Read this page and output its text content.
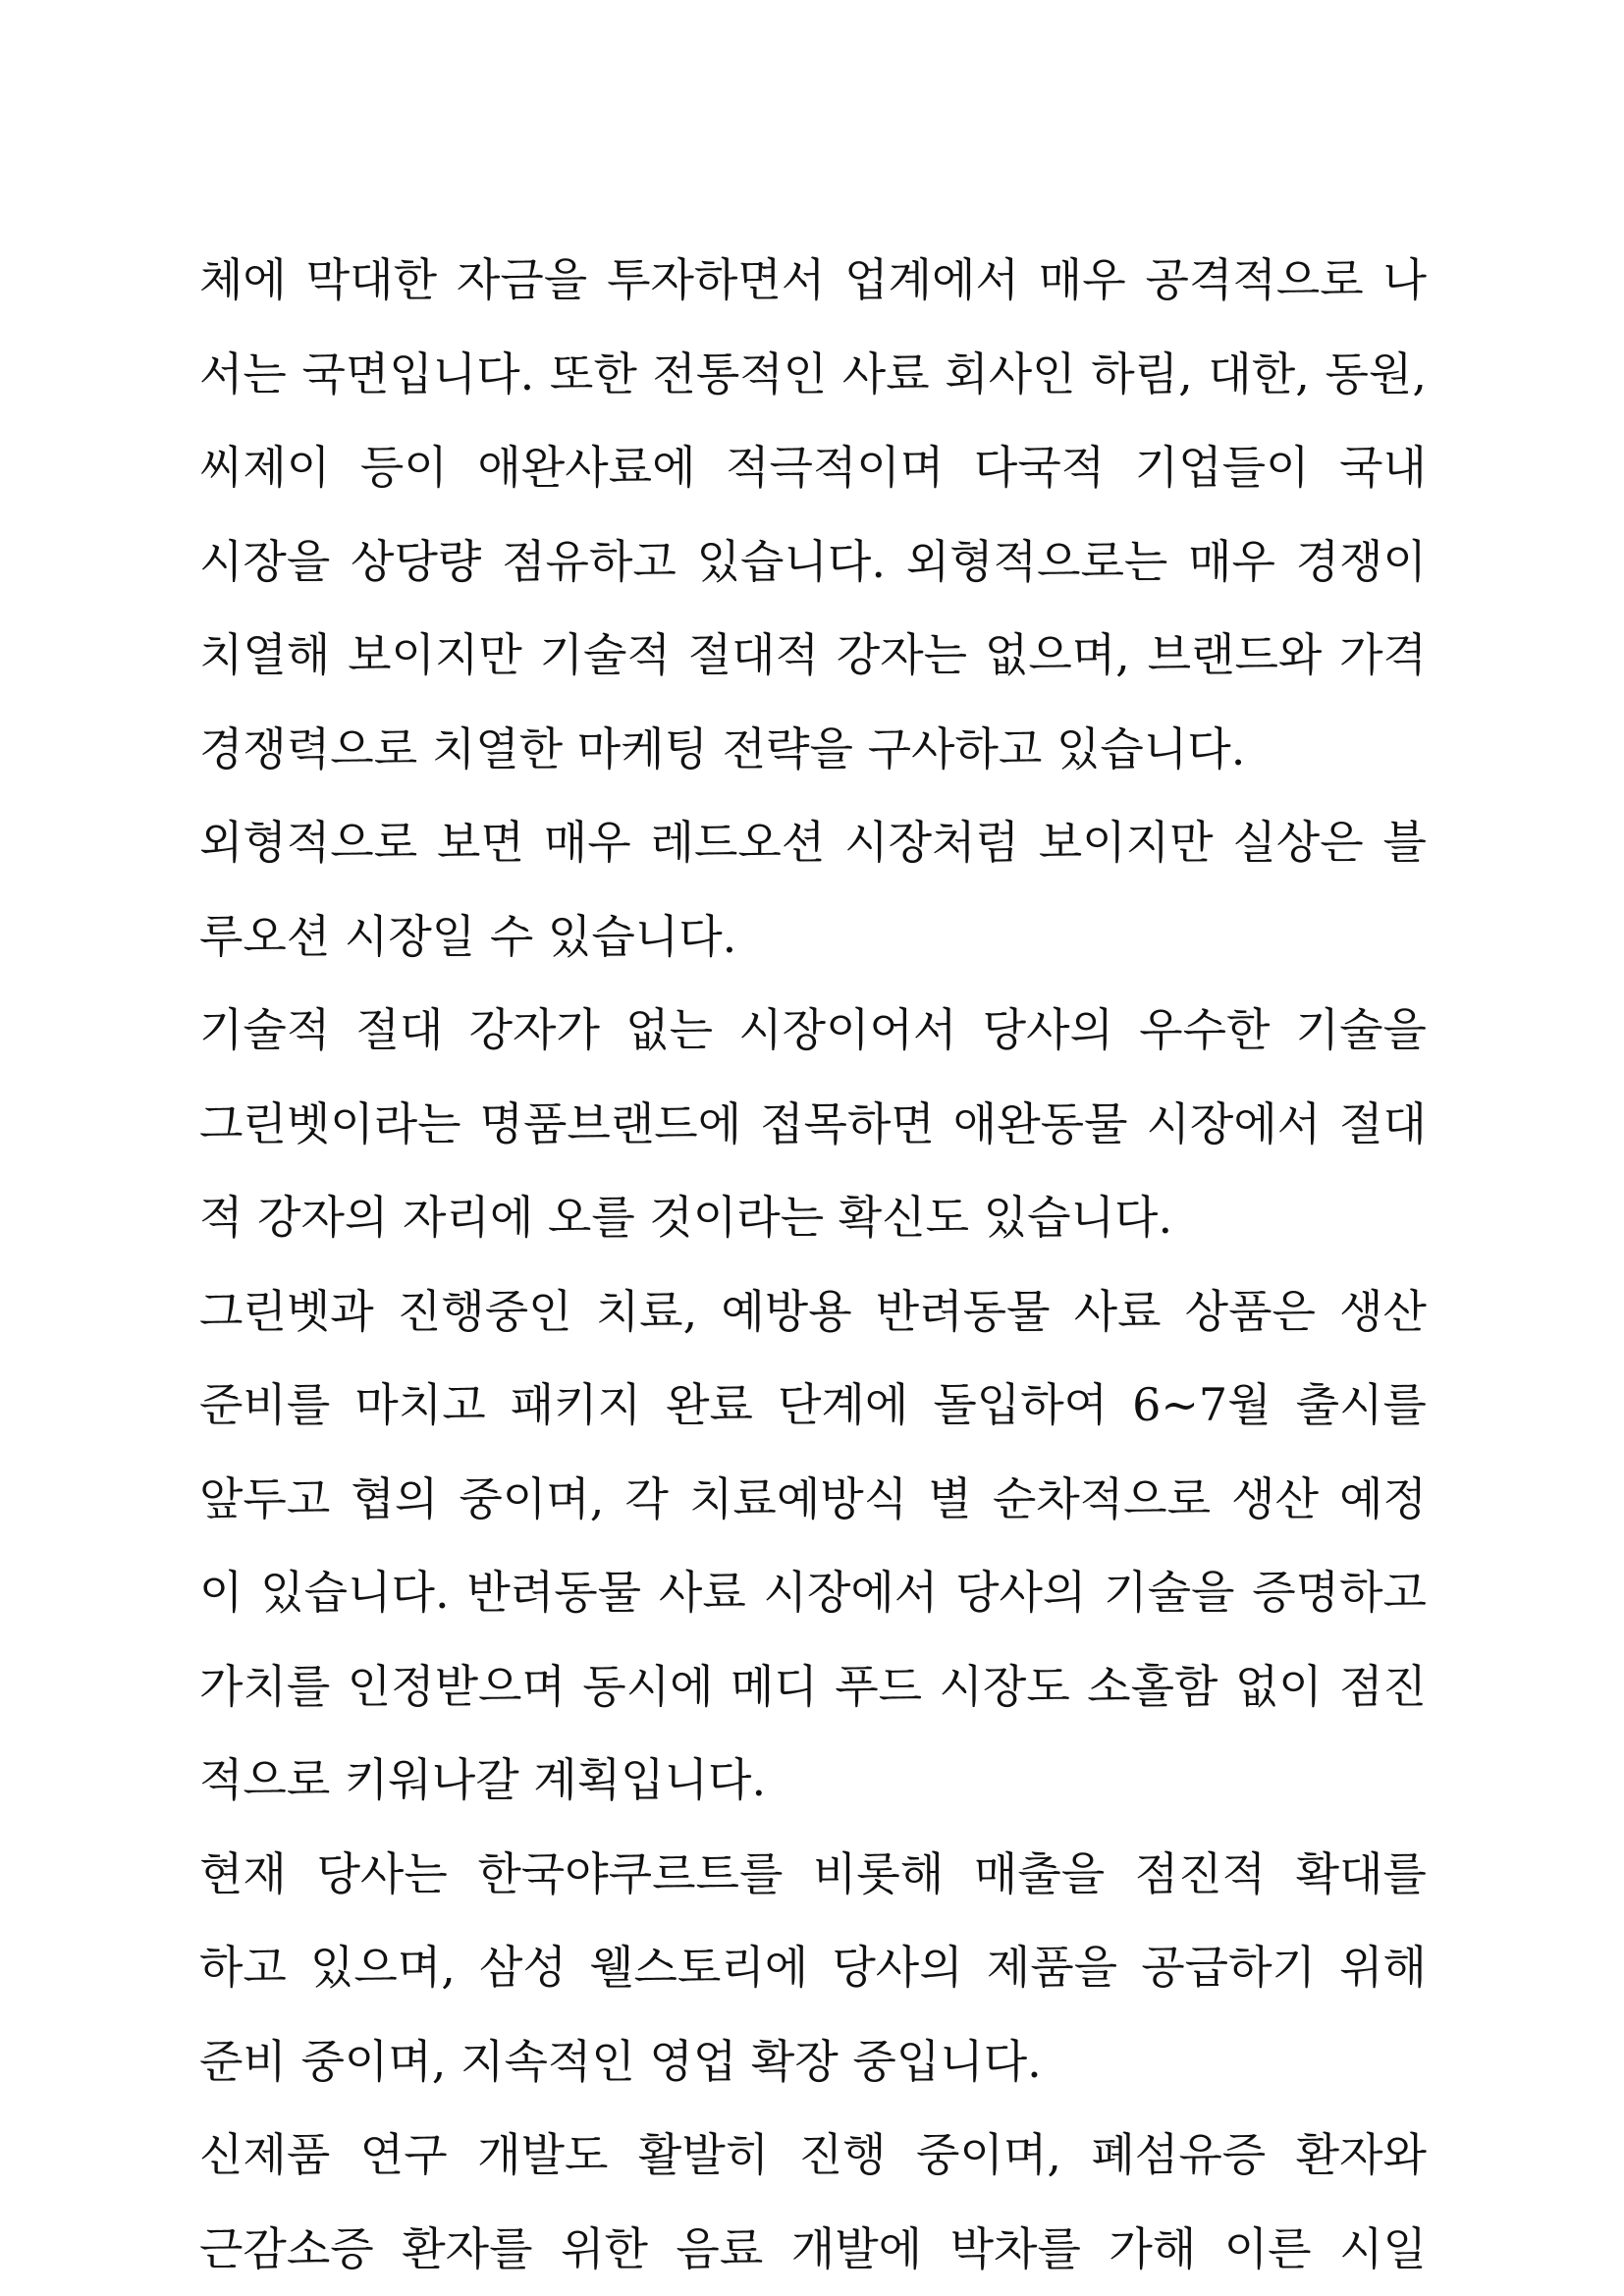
체에 막대한 자금을 투자하면서 업계에서 매우 공격적으로 나
서는 국면입니다. 또한 전통적인 사료 회사인 하림, 대한, 동원,
씨제이 등이 애완사료에 적극적이며 다국적 기업들이 국내
시장을 상당량 점유하고 있습니다. 외형적으로는 매우 경쟁이
치열해 보이지만 기술적 절대적 강자는 없으며, 브랜드와 가격
경쟁력으로 치열한 마케팅 전략을 구사하고 있습니다.
외형적으로 보면 매우 레드오션 시장처럼 보이지만 실상은 블
루오션 시장일 수 있습니다.
기술적 절대 강자가 없는 시장이어서 당사의 우수한 기술을
그린벳이라는 명품브랜드에 접목하면 애완동물 시장에서 절대
적 강자의 자리에 오를 것이라는 확신도 있습니다.
그린벳과 진행중인 치료, 예방용 반려동물 사료 상품은 생산
준비를 마치고 패키지 완료 단계에 돌입하여 6~7월 출시를
앞두고 협의 중이며, 각 치료예방식 별 순차적으로 생산 예정
이 있습니다. 반려동물 사료 시장에서 당사의 기술을 증명하고
가치를 인정받으며 동시에 메디 푸드 시장도 소홀함 없이 점진
적으로 키워나갈 계획입니다.
현재 당사는 한국야쿠르트를 비롯해 매출을 점진적 확대를
하고 있으며, 삼성 웰스토리에 당사의 제품을 공급하기 위해
준비 중이며, 지속적인 영업 확장 중입니다.
신제품 연구 개발도 활발히 진행 중이며, 폐섬유증 환자와
근감소증 환자를 위한 음료 개발에 박차를 가해 이른 시일
